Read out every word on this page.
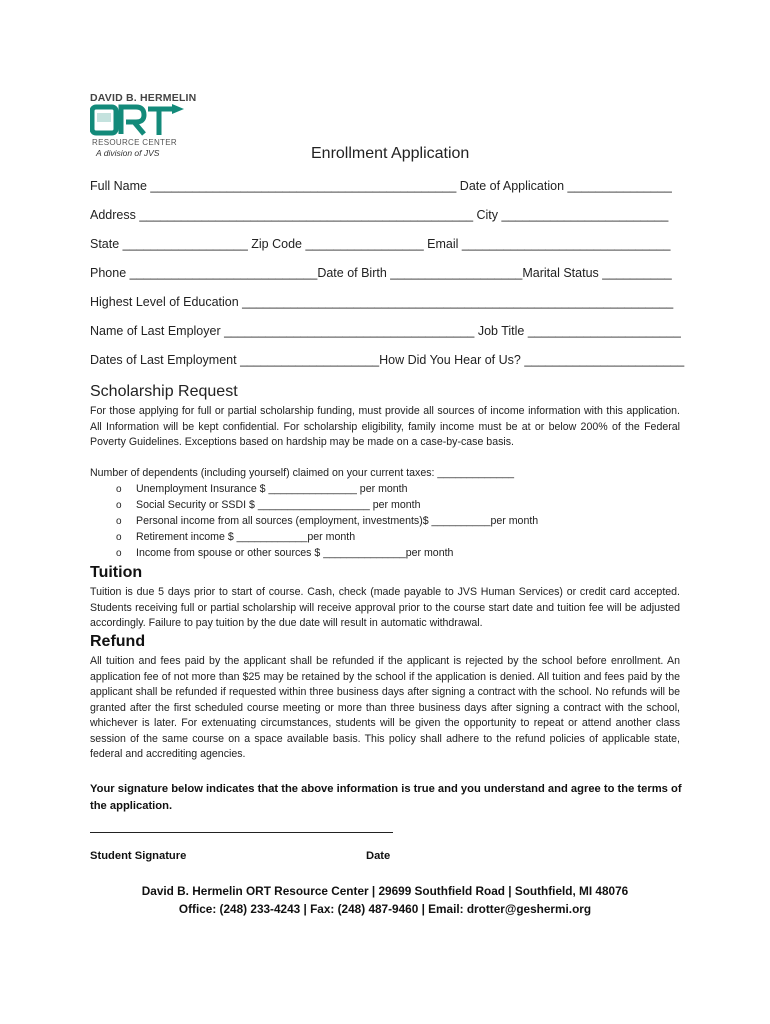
DAVID B. HERMELIN
RESOURCE CENTER
A division of JVS	Enrollment Application
Full Name ____________________________________________ Date of Application _______________
Address ________________________________________________ City ________________________
State __________________ Zip Code _________________ Email ______________________________
Phone ___________________________Date of Birth ___________________Marital Status __________
Highest Level of Education ______________________________________________________________
Name of Last Employer ____________________________________ Job Title ______________________
Dates of Last Employment ____________________How Did You Hear of Us? _______________________
Scholarship Request
For those applying for full or partial scholarship funding, must provide all sources of income information with this application. All Information will be kept confidential. For scholarship eligibility, family income must be at or below 200% of the Federal Poverty Guidelines. Exceptions based on hardship may be made on a case-by-case basis.
Number of dependents (including yourself) claimed on your current taxes: _____________
o Unemployment Insurance $ _______________ per month
o Social Security or SSDI $ ___________________ per month
o Personal income from all sources (employment, investments)$ __________per month
o Retirement income $ ____________per month
o Income from spouse or other sources $ ______________per month
Tuition
Tuition is due 5 days prior to start of course. Cash, check (made payable to JVS Human Services) or credit card accepted. Students receiving full or partial scholarship will receive approval prior to the course start date and tuition fee will be adjusted accordingly. Failure to pay tuition by the due date will result in automatic withdrawal.
Refund
All tuition and fees paid by the applicant shall be refunded if the applicant is rejected by the school before enrollment. An application fee of not more than $25 may be retained by the school if the application is denied. All tuition and fees paid by the applicant shall be refunded if requested within three business days after signing a contract with the school. No refunds will be granted after the first scheduled course meeting or more than three business days after signing a contract with the school, whichever is later. For extenuating circumstances, students will be given the opportunity to repeat or attend another class session of the same course on a space available basis. This policy shall adhere to the refund policies of applicable state, federal and accrediting agencies.
Your signature below indicates that the above information is true and you understand and agree to the terms of the application.
Student Signature	Date
David B. Hermelin ORT Resource Center | 29699 Southfield Road | Southfield, MI 48076
Office: (248) 233-4243 | Fax: (248) 487-9460 | Email: drotter@geshermi.org
